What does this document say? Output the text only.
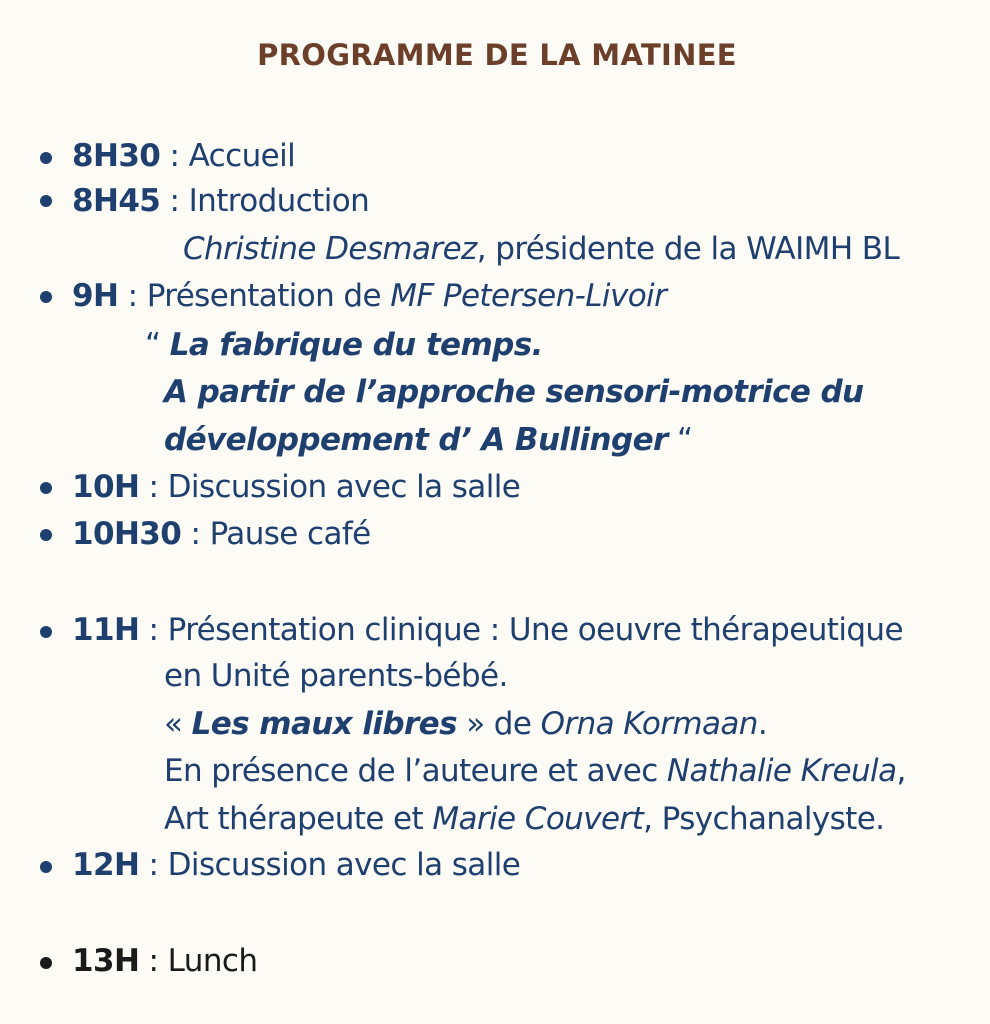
PROGRAMME DE LA MATINEE
8H30 : Accueil
8H45 : Introduction
Christine Desmarez, présidente de la WAIMH BL
9H : Présentation de MF Petersen-Livoir
“ La fabrique du temps.
A partir de l’approche sensori-motrice du
développement d’ A Bullinger “
10H : Discussion avec la salle
10H30 : Pause café
11H : Présentation clinique : Une oeuvre thérapeutique
en Unité parents-bébé.
« Les maux libres » de Orna Kormaan.
En présence de l’auteure et avec Nathalie Kreula,
Art thérapeute et Marie Couvert, Psychanalyste.
12H : Discussion avec la salle
13H : Lunch
